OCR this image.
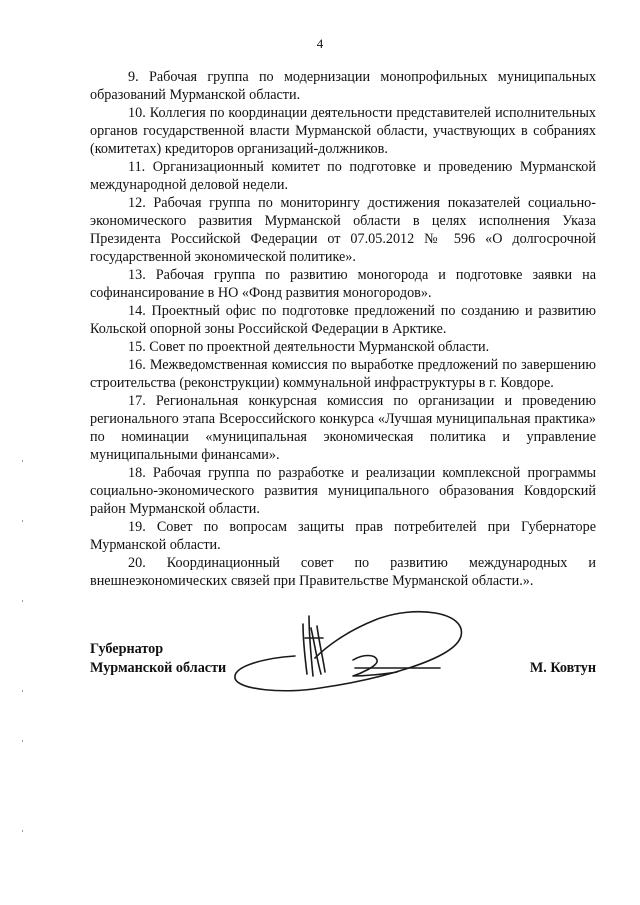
4

9. Рабочая группа по модернизации монопрофильных муниципальных образований Мурманской области.

10. Коллегия по координации деятельности представителей исполнительных органов государственной власти Мурманской области, участвующих в собраниях (комитетах) кредиторов организаций-должников.

11. Организационный комитет по подготовке и проведению Мурманской международной деловой недели.

12. Рабочая группа по мониторингу достижения показателей социально-экономического развития Мурманской области в целях исполнения Указа Президента Российской Федерации от 07.05.2012 № 596 «О долгосрочной государственной экономической политике».

13. Рабочая группа по развитию моногорода и подготовке заявки на софинансирование в НО «Фонд развития моногородов».

14. Проектный офис по подготовке предложений по созданию и развитию Кольской опорной зоны Российской Федерации в Арктике.

15. Совет по проектной деятельности Мурманской области.

16. Межведомственная комиссия по выработке предложений по завершению строительства (реконструкции) коммунальной инфраструктуры в г. Ковдоре.

17. Региональная конкурсная комиссия по организации и проведению регионального этапа Всероссийского конкурса «Лучшая муниципальная практика» по номинации «муниципальная экономическая политика и управление муниципальными финансами».

18. Рабочая группа по разработке и реализации комплексной программы социально-экономического развития муниципального образования Ковдорский район Мурманской области.

19. Совет по вопросам защиты прав потребителей при Губернаторе Мурманской области.

20. Координационный совет по развитию международных и внешнеэкономических связей при Правительстве Мурманской области.».

Губернатор
Мурманской области	М. Ковтун
